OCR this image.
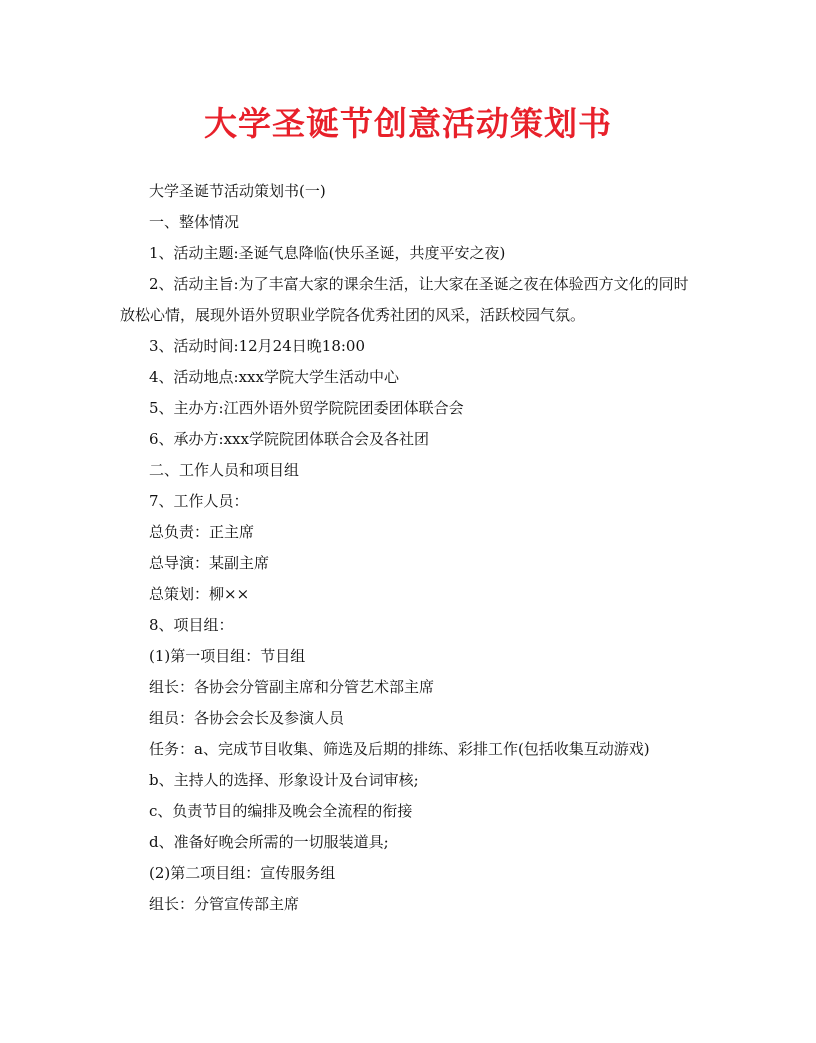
大学圣诞节创意活动策划书
大学圣诞节活动策划书(一)
一、整体情况
1、活动主题:圣诞气息降临(快乐圣诞，共度平安之夜)
2、活动主旨:为了丰富大家的课余生活，让大家在圣诞之夜在体验西方文化的同时放松心情，展现外语外贸职业学院各优秀社团的风采，活跃校园气氛。
3、活动时间:12月24日晚18:00
4、活动地点:xxx学院大学生活动中心
5、主办方:江西外语外贸学院院团委团体联合会
6、承办方:xxx学院院团体联合会及各社团
二、工作人员和项目组
7、工作人员：
总负责：正主席
总导演：某副主席
总策划：柳××
8、项目组：
(1)第一项目组：节目组
组长：各协会分管副主席和分管艺术部主席
组员：各协会会长及参演人员
任务：a、完成节目收集、筛选及后期的排练、彩排工作(包括收集互动游戏)
b、主持人的选择、形象设计及台词审核;
c、负责节目的编排及晚会全流程的衔接
d、准备好晚会所需的一切服装道具;
(2)第二项目组：宣传服务组
组长：分管宣传部主席
